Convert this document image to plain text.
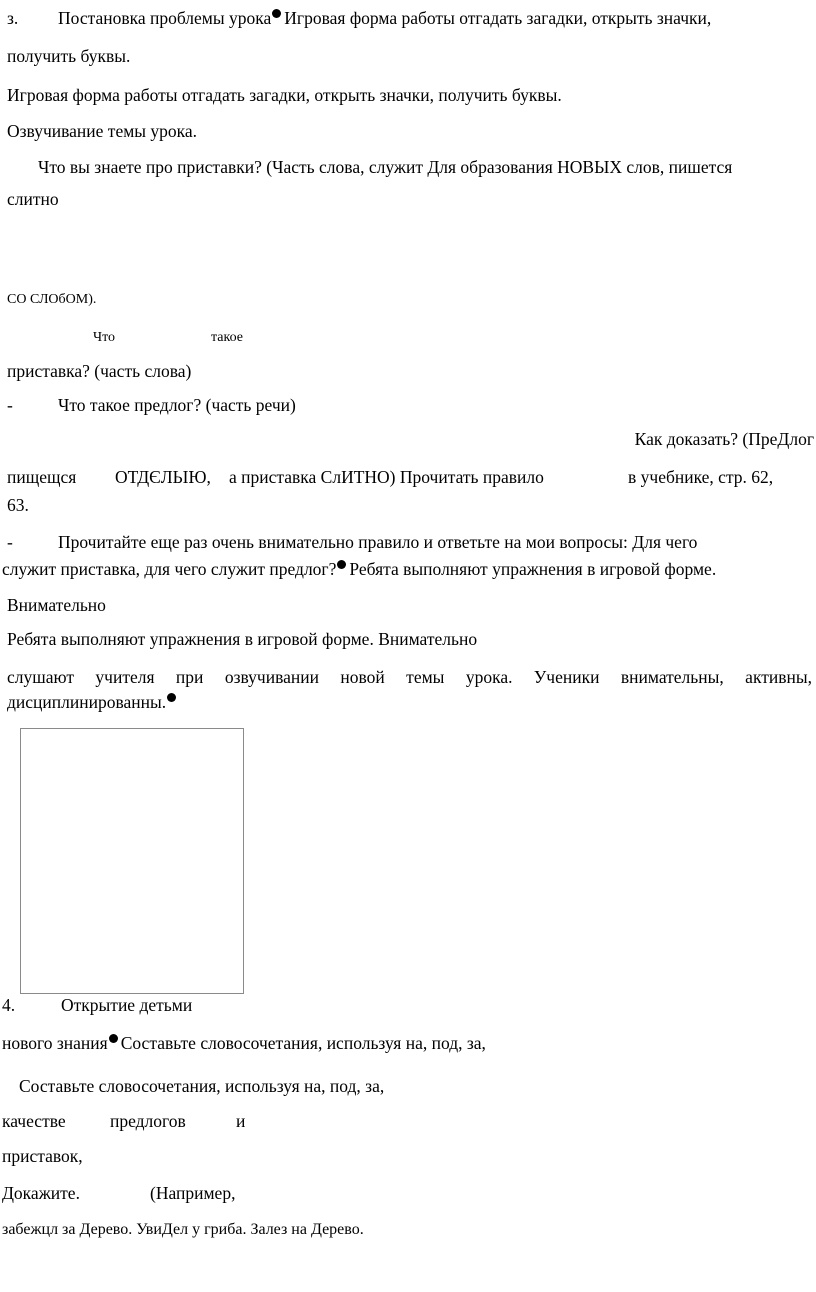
з. Постановка проблемы урока Игровая форма работы отгадать загадки, открыть значки,
получить буквы.
Игровая форма работы отгадать загадки, открыть значки, получить буквы.
Озвучивание темы урока.
Что вы знаете про приставки? (Часть слова, служит Для образования НОВЫХ слов, пишется
слитно
СО СЛОбОМ).
Что	такое
приставка? (часть слова)
-	Что такое предлог? (часть речи)
Как доказать? (ПреДлог
пищещся ОТДЄЛЬІЮ, а приставка СлИТНО) Прочитать правило	в учебнике, стр. 62,
63.
-	Прочитайте еще раз очень внимательно правило и ответьте на мои вопросы: Для чего
служит приставка, для чего служит предлог? Ребята выполняют упражнения в игровой форме.
Внимательно
Ребята выполняют упражнения в игровой форме. Внимательно
слушают учителя при озвучивании новой темы урока. Ученики внимательны, активны,
дисциплинированны.
4.	Открытие детьми
нового знания Составьте словосочетания, используя на, под, за,
Составьте словосочетания, используя на, под, за,
качестве	предлогов	и
приставок,
Докажите.	(Например,
забежцл за Дерево. УвиДел у гриба. Залез на Дерево.
